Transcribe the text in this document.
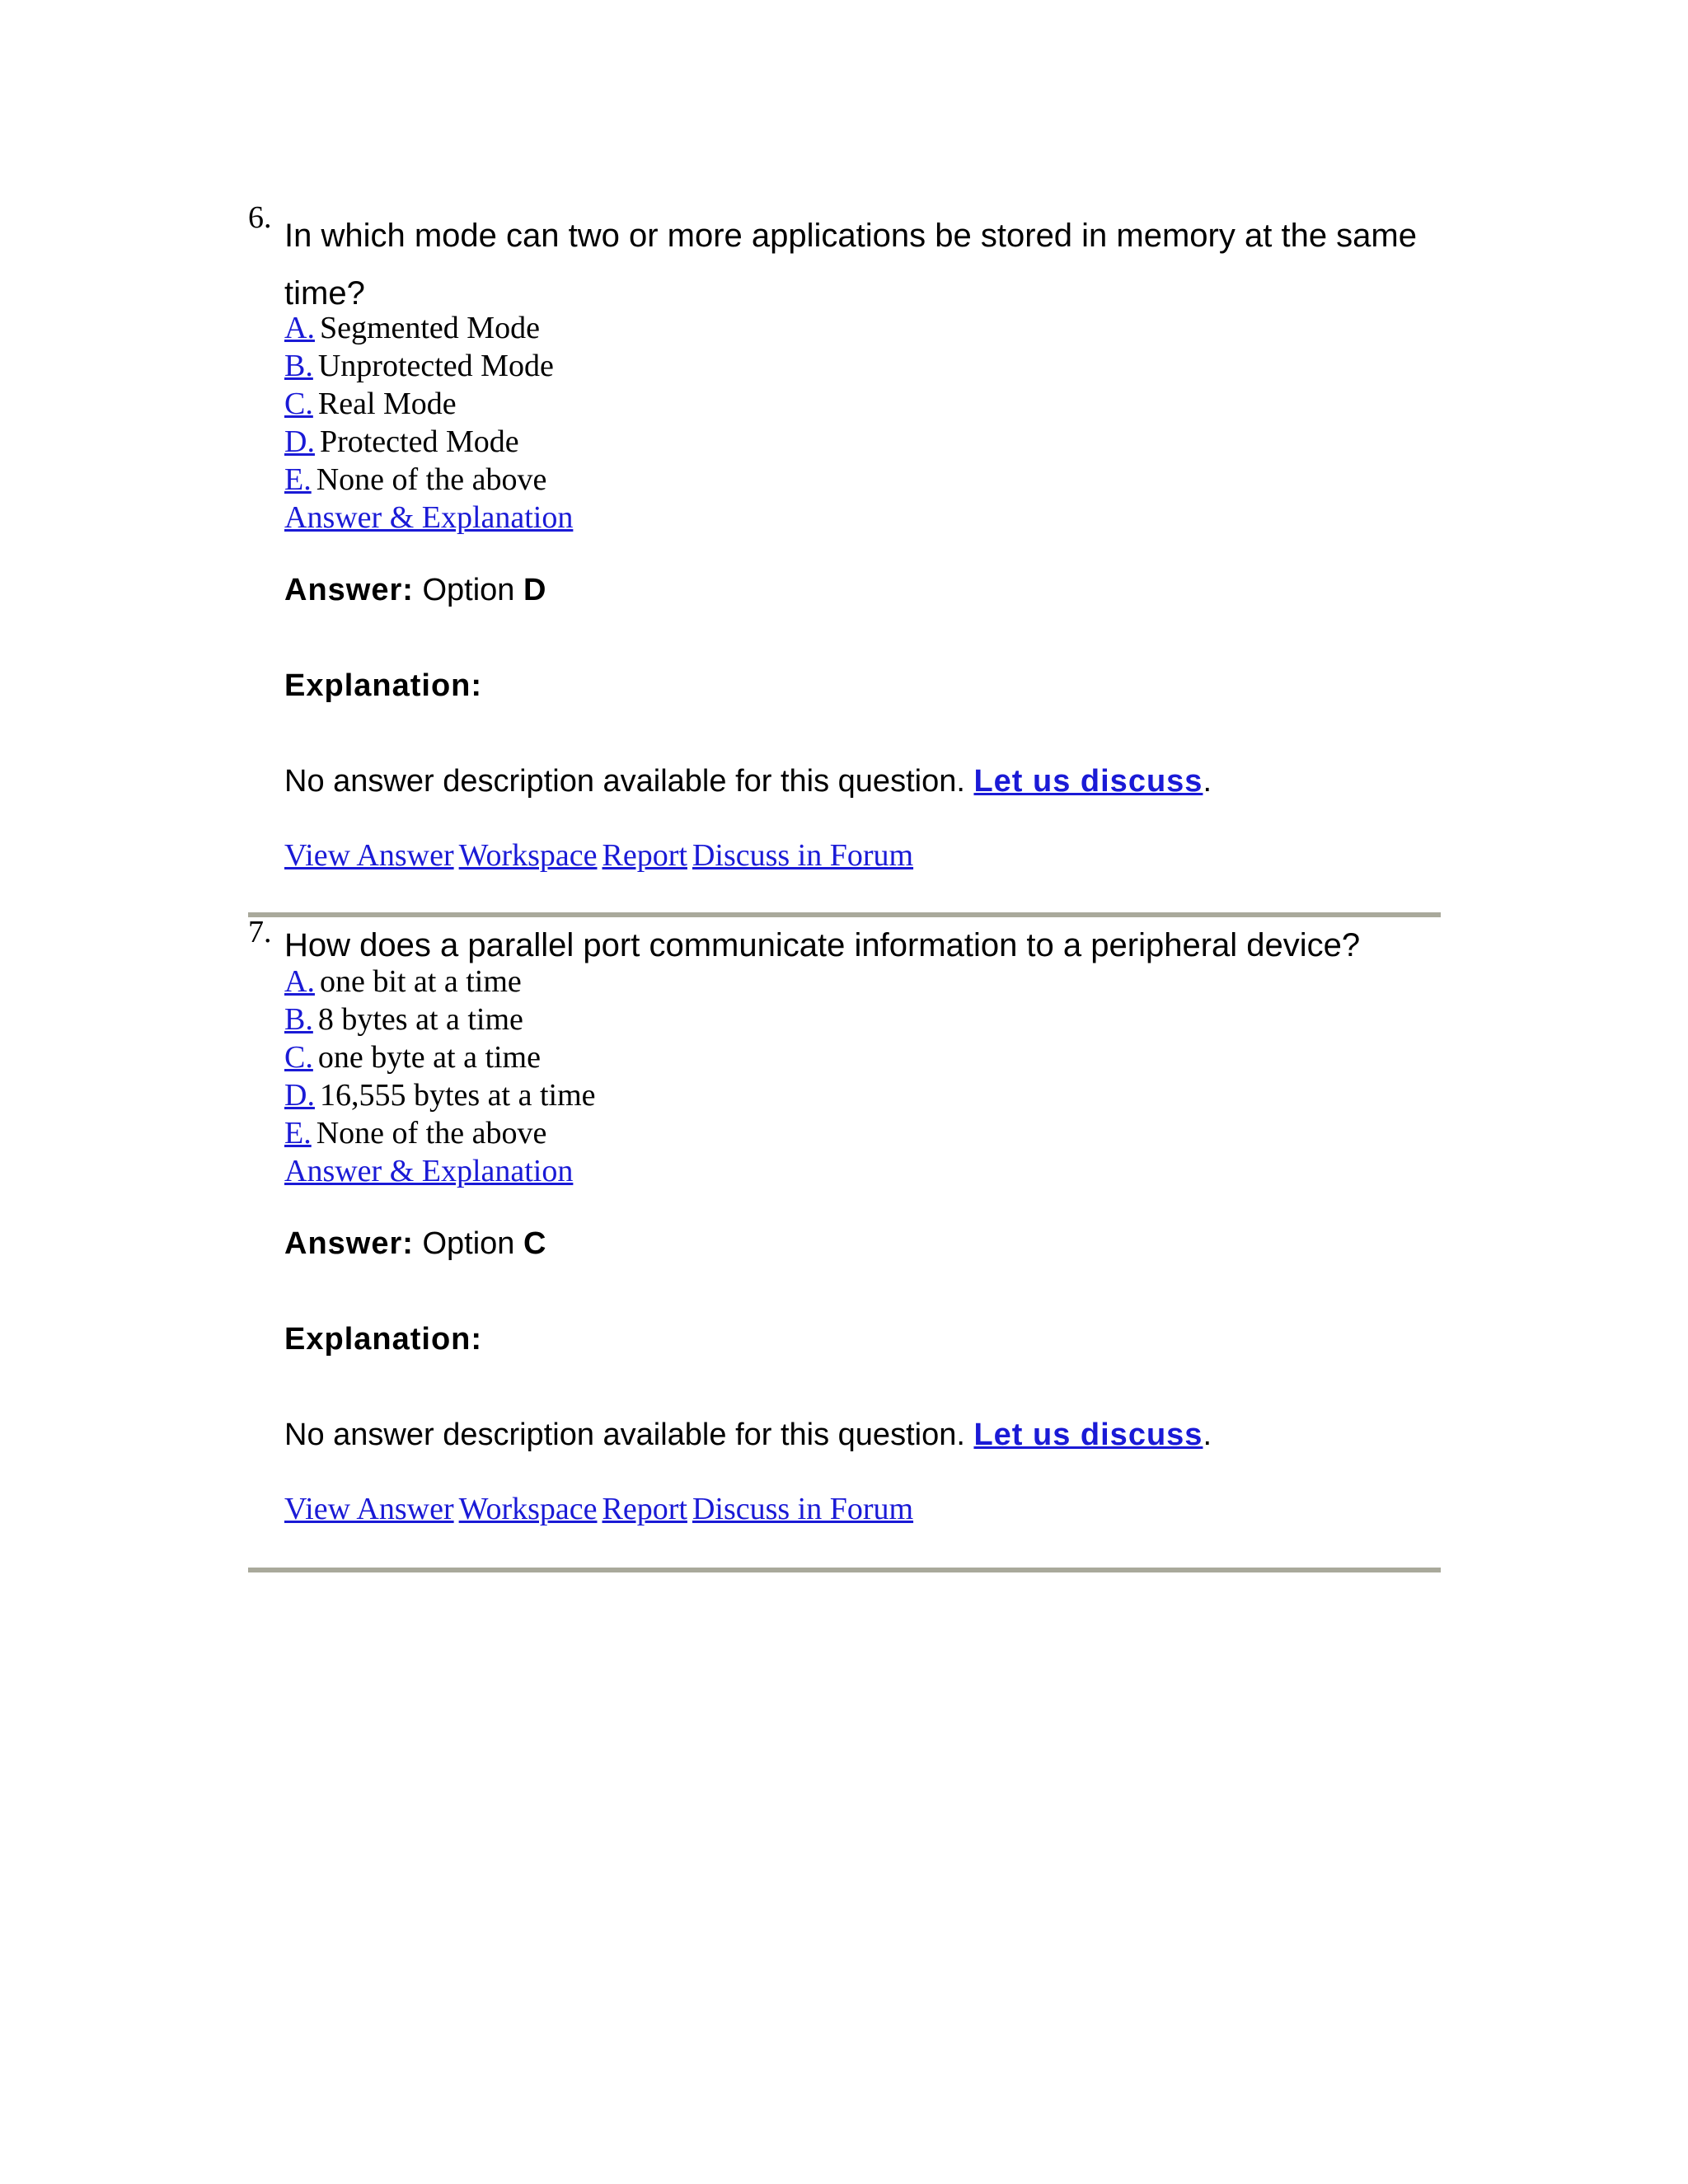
6. In which mode can two or more applications be stored in memory at the same time?

A. Segmented Mode
B. Unprotected Mode
C. Real Mode
D. Protected Mode
E. None of the above
Answer & Explanation

Answer: Option D

Explanation:
No answer description available for this question. Let us discuss.
View Answer Workspace Report Discuss in Forum
7. How does a parallel port communicate information to a peripheral device?

A. one bit at a time
B. 8 bytes at a time
C. one byte at a time
D. 16,555 bytes at a time
E. None of the above
Answer & Explanation

Answer: Option C

Explanation:
No answer description available for this question. Let us discuss.
View Answer Workspace Report Discuss in Forum
